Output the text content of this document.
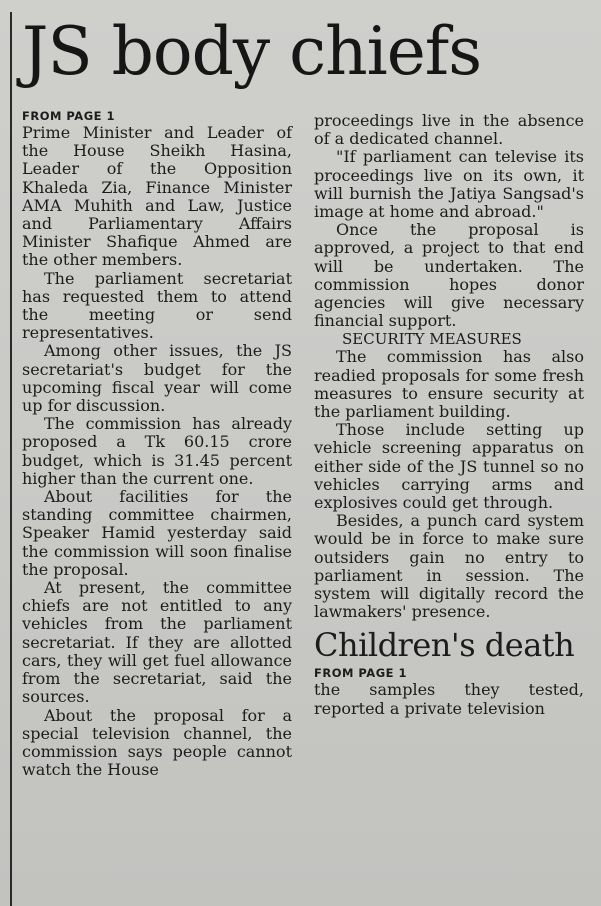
JS body chiefs
FROM PAGE 1

Prime Minister and Leader of the House Sheikh Hasina, Leader of the Opposition Khaleda Zia, Finance Minister AMA Muhith and Law, Justice and Parliamentary Affairs Minister Shafique Ahmed are the other members.

The parliament secretariat has requested them to attend the meeting or send representatives.

Among other issues, the JS secretariat's budget for the upcoming fiscal year will come up for discussion.

The commission has already proposed a Tk 60.15 crore budget, which is 31.45 percent higher than the current one.

About facilities for the standing committee chairmen, Speaker Hamid yesterday said the commission will soon finalise the proposal.

At present, the committee chiefs are not entitled to any vehicles from the parliament secretariat. If they are allotted cars, they will get fuel allowance from the secretariat, said the sources.

About the proposal for a special television channel, the commission says people cannot watch the House

proceedings live in the absence of a dedicated channel.

"If parliament can televise its proceedings live on its own, it will burnish the Jatiya Sangsad's image at home and abroad."

Once the proposal is approved, a project to that end will be undertaken. The commission hopes donor agencies will give necessary financial support.

SECURITY MEASURES

The commission has also readied proposals for some fresh measures to ensure security at the parliament building.

Those include setting up vehicle screening apparatus on either side of the JS tunnel so no vehicles carrying arms and explosives could get through.

Besides, a punch card system would be in force to make sure outsiders gain no entry to parliament in session. The system will digitally record the lawmakers' presence.

Children's death
FROM PAGE 1

the samples they tested, reported a private television
